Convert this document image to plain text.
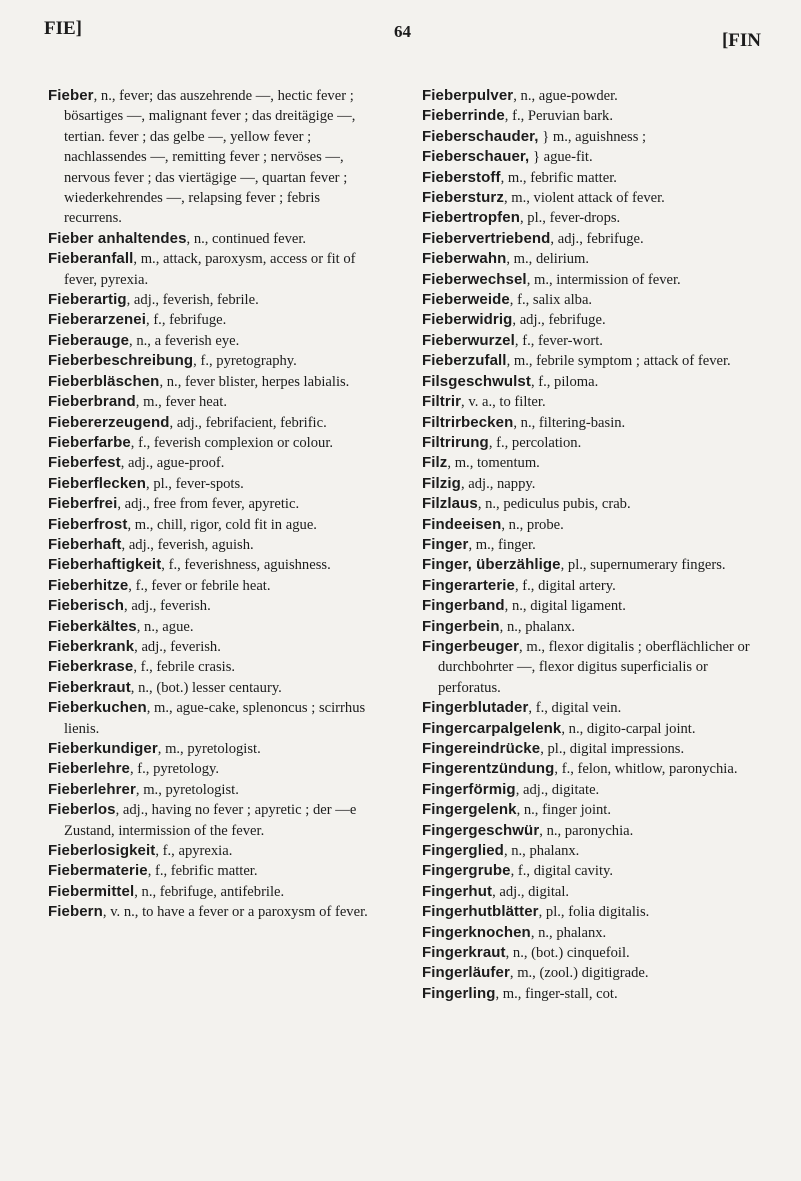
FIE]	64	[FIN

Fieber, n., fever; das auszehrende —, hectic fever ; bösartiges —, malignant fever ; das dreitägige —, tertian. fever ; das gelbe —, yellow fever ; nachlassendes —, remitting fever ; nervöses —, nervous fever ; das viertägige —, quartan fever ; wiederkehrendes —, relapsing fever ; febris recurrens.

Fieber anhaltendes, n., continued fever.

Fieberanfall, m., attack, paroxysm, access or fit of fever, pyrexia.

Fieberartig, adj., feverish, febrile.

Fieberarzenei, f., febrifuge.

Fieberauge, n., a feverish eye.

Fieberbeschreibung, f., pyretography.

Fieberbläschen, n., fever blister, herpes labialis.

Fieberbrand, m., fever heat.

Fiebererzeugend, adj., febrifacient, febrific.

Fieberfarbe, f., feverish complexion or colour.

Fieberfest, adj., ague-proof.

Fieberflecken, pl., fever-spots.

Fieberfrei, adj., free from fever, apyretic.

Fieberfrost, m., chill, rigor, cold fit in ague.

Fieberhaft, adj., feverish, aguish.

Fieberhaftigkeit, f., feverishness, aguishness.

Fieberhitze, f., fever or febrile heat.

Fieberisch, adj., feverish.

Fieberkältes, n., ague.

Fieberkrank, adj., feverish.

Fieberkrase, f., febrile crasis.

Fieberkraut, n., (bot.) lesser centaury.

Fieberkuchen, m., ague-cake, splenoncus ; scirrhus lienis.

Fieberkundiger, m., pyretologist.

Fieberlehre, f., pyretology.

Fieberlehrer, m., pyretologist.

Fieberlos, adj., having no fever ; apyretic ; der —e Zustand, intermission of the fever.

Fieberlosigkeit, f., apyrexia.

Fiebermaterie, f., febrific matter.

Fiebermittel, n., febrifuge, antifebrile.

Fiebern, v. n., to have a fever or a paroxysm of fever.

Fieberpulver, n., ague-powder.

Fieberrinde, f., Peruvian bark.

Fieberschauder, } m., aguishness ;

Fieberschauer, } ague-fit.

Fieberstoff, m., febrific matter.

Fiebersturz, m., violent attack of fever.

Fiebertropfen, pl., fever-drops.

Fiebervertriebend, adj., febrifuge.

Fieberwahn, m., delirium.

Fieberwechsel, m., intermission of fever.

Fieberweide, f., salix alba.

Fieberwidrig, adj., febrifuge.

Fieberwurzel, f., fever-wort.

Fieberzufall, m., febrile symptom ; attack of fever.

Filsgeschwulst, f., piloma.

Filtrir, v. a., to filter.

Filtrirbecken, n., filtering-basin.

Filtrirung, f., percolation.

Filz, m., tomentum.

Filzig, adj., nappy.

Filzlaus, n., pediculus pubis, crab.

Findeeisen, n., probe.

Finger, m., finger.

Finger, überzählige, pl., supernumerary fingers.

Fingerarterie, f., digital artery.

Fingerband, n., digital ligament.

Fingerbein, n., phalanx.

Fingerbeuger, m., flexor digitalis ; oberflächlicher or durchbohrter —, flexor digitus superficialis or perforatus.

Fingerblutader, f., digital vein.

Fingercarpalgelenk, n., digito-carpal joint.

Fingereindrücke, pl., digital impressions.

Fingerentzündung, f., felon, whitlow, paronychia.

Fingerförmig, adj., digitate.

Fingergelenk, n., finger joint.

Fingergeschwür, n., paronychia.

Fingerglied, n., phalanx.

Fingergrube, f., digital cavity.

Fingerhut, adj., digital.

Fingerhutblätter, pl., folia digitalis.

Fingerknochen, n., phalanx.

Fingerkraut, n., (bot.) cinquefoil.

Fingerläufer, m., (zool.) digitigrade.

Fingerling, m., finger-stall, cot.
